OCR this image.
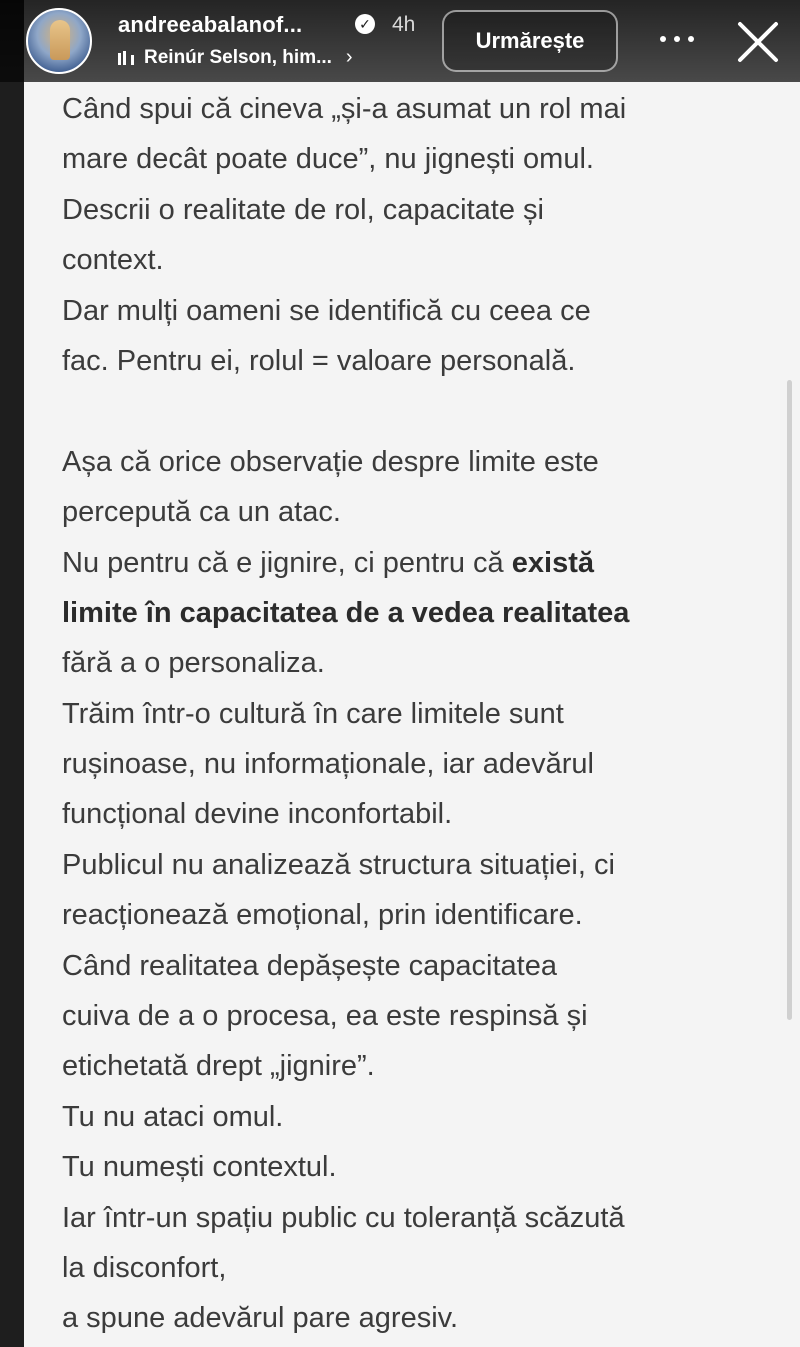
andreeabalanof...	✓ 4h
Reinúr Selson, him... ›
Urmărește
Când spui că cineva „și-a asumat un rol mai
mare decât poate duce”, nu jignești omul.
Descrii o realitate de rol, capacitate și
context.
Dar mulți oameni se identifică cu ceea ce
fac. Pentru ei, rolul = valoare personală.
Așa că orice observație despre limite este
percepută ca un atac.
Nu pentru că e jignire, ci pentru că există
limite în capacitatea de a vedea realitatea
fără a o personaliza.
Trăim într-o cultură în care limitele sunt
rușinoase, nu informaționale, iar adevărul
funcțional devine inconfortabil.
Publicul nu analizează structura situației, ci
reacționează emoțional, prin identificare.
Când realitatea depășește capacitatea
cuiva de a o procesa, ea este respinsă și
etichetată drept „jignire”.
Tu nu ataci omul.
Tu numești contextul.
Iar într-un spațiu public cu toleranță scăzută
la disconfort,
a spune adevărul pare agresiv.
